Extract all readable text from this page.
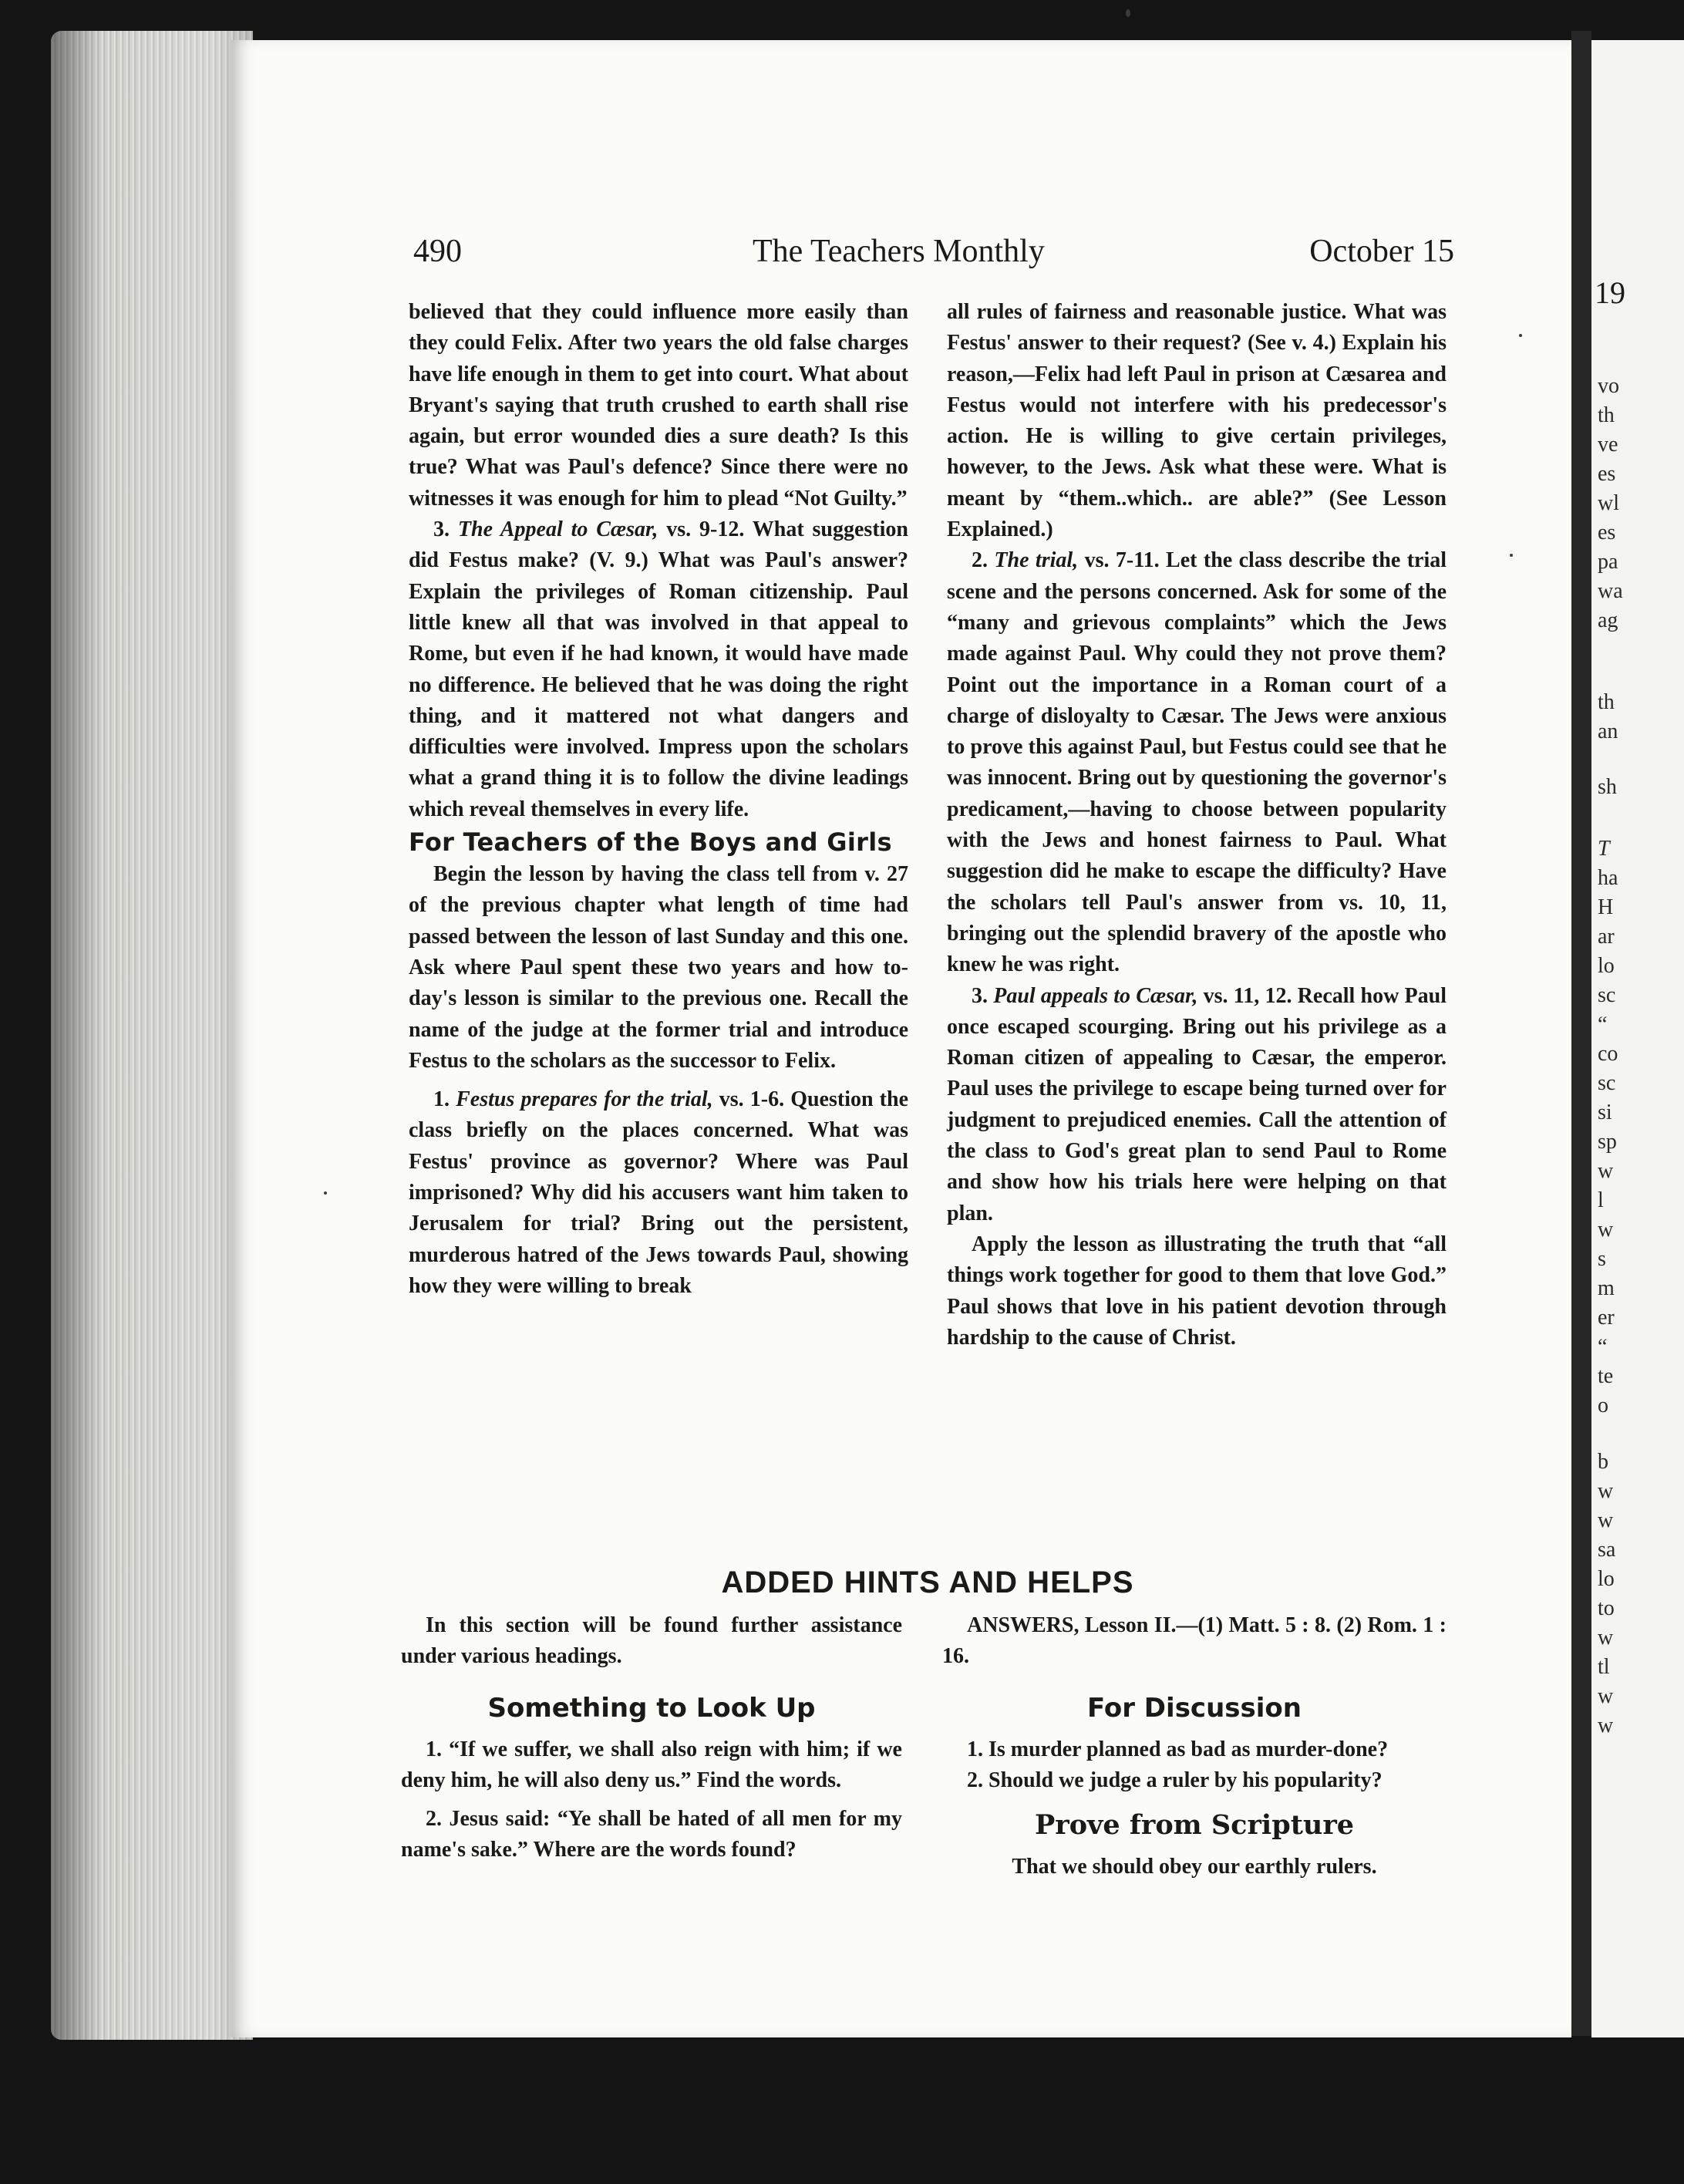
19
vo
th
ve
es
wl
es
pa
wa
ag
th
an
sh
T
ha
H
ar
lo
sc
“
co
sc
si
sp
w
l
w
s
m
er
“
te
o
b
w
w
sa
lo
to
w
tl
w
w
490	The Teachers Monthly	October 15

believed that they could influence more easily than they could Felix. After two years the old false charges have life enough in them to get into court. What about Bryant's saying that truth crushed to earth shall rise again, but error wounded dies a sure death? Is this true? What was Paul's defence? Since there were no witnesses it was enough for him to plead “Not Guilty.”

3. The Appeal to Cæsar, vs. 9-12. What suggestion did Festus make? (V. 9.) What was Paul's answer? Explain the privileges of Roman citizenship. Paul little knew all that was involved in that appeal to Rome, but even if he had known, it would have made no difference. He believed that he was doing the right thing, and it mattered not what dangers and difficulties were involved. Impress upon the scholars what a grand thing it is to follow the divine leadings which reveal themselves in every life.

For Teachers of the Boys and Girls

Begin the lesson by having the class tell from v. 27 of the previous chapter what length of time had passed between the lesson of last Sunday and this one. Ask where Paul spent these two years and how to-day's lesson is similar to the previous one. Recall the name of the judge at the former trial and introduce Festus to the scholars as the successor to Felix.

1. Festus prepares for the trial, vs. 1-6. Question the class briefly on the places concerned. What was Festus' province as governor? Where was Paul imprisoned? Why did his accusers want him taken to Jerusalem for trial? Bring out the persistent, murderous hatred of the Jews towards Paul, showing how they were willing to break

all rules of fairness and reasonable justice. What was Festus' answer to their request? (See v. 4.) Explain his reason,—Felix had left Paul in prison at Cæsarea and Festus would not interfere with his predecessor's action. He is willing to give certain privileges, however, to the Jews. Ask what these were. What is meant by “them..which.. are able?” (See Lesson Explained.)

2. The trial, vs. 7-11. Let the class describe the trial scene and the persons concerned. Ask for some of the “many and grievous complaints” which the Jews made against Paul. Why could they not prove them? Point out the importance in a Roman court of a charge of disloyalty to Cæsar. The Jews were anxious to prove this against Paul, but Festus could see that he was innocent. Bring out by questioning the governor's predicament,—having to choose between popularity with the Jews and honest fairness to Paul. What suggestion did he make to escape the difficulty? Have the scholars tell Paul's answer from vs. 10, 11, bringing out the splendid bravery of the apostle who knew he was right.

3. Paul appeals to Cæsar, vs. 11, 12. Recall how Paul once escaped scourging. Bring out his privilege as a Roman citizen of appealing to Cæsar, the emperor. Paul uses the privilege to escape being turned over for judgment to prejudiced enemies. Call the attention of the class to God's great plan to send Paul to Rome and show how his trials here were helping on that plan.

Apply the lesson as illustrating the truth that “all things work together for good to them that love God.” Paul shows that love in his patient devotion through hardship to the cause of Christ.

ADDED HINTS AND HELPS

In this section will be found further assistance under various headings.

Something to Look Up

1. “If we suffer, we shall also reign with him; if we deny him, he will also deny us.” Find the words.

2. Jesus said: “Ye shall be hated of all men for my name's sake.” Where are the words found?

ANSWERS, Lesson II.—(1) Matt. 5 : 8. (2) Rom. 1 : 16.

For Discussion

1. Is murder planned as bad as murder-done?

2. Should we judge a ruler by his popularity?

Prove from Scripture

That we should obey our earthly rulers.
